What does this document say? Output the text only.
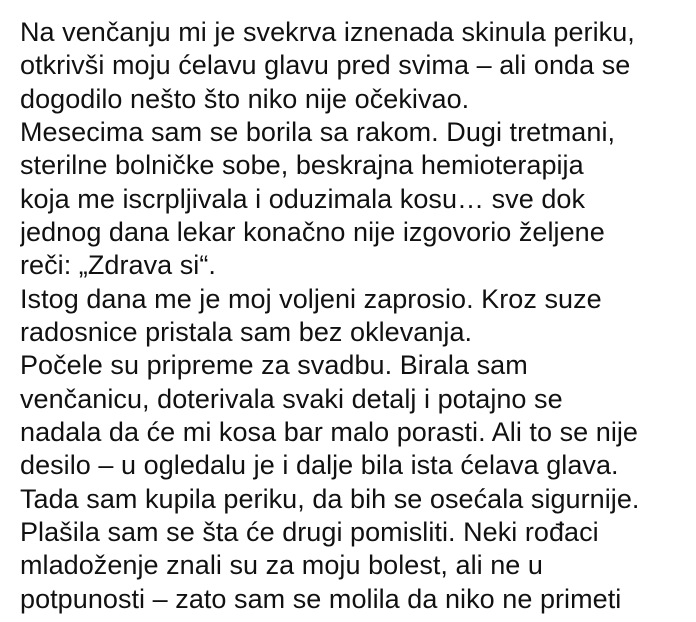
Na venčanju mi je svekrva iznenada skinula periku,
otkrivši moju ćelavu glavu pred svima – ali onda se
dogodilo nešto što niko nije očekivao.
Mesecima sam se borila sa rakom. Dugi tretmani,
sterilne bolničke sobe, beskrajna hemioterapija
koja me iscrpljivala i oduzimala kosu… sve dok
jednog dana lekar konačno nije izgovorio željene
reči: „Zdrava si“.
Istog dana me je moj voljeni zaprosio. Kroz suze
radosnice pristala sam bez oklevanja.
Počele su pripreme za svadbu. Birala sam
venčanicu, doterivala svaki detalj i potajno se
nadala da će mi kosa bar malo porasti. Ali to se nije
desilo – u ogledalu je i dalje bila ista ćelava glava.
Tada sam kupila periku, da bih se osećala sigurnije.
Plašila sam se šta će drugi pomisliti. Neki rođaci
mladoženje znali su za moju bolest, ali ne u
potpunosti – zato sam se molila da niko ne primeti
